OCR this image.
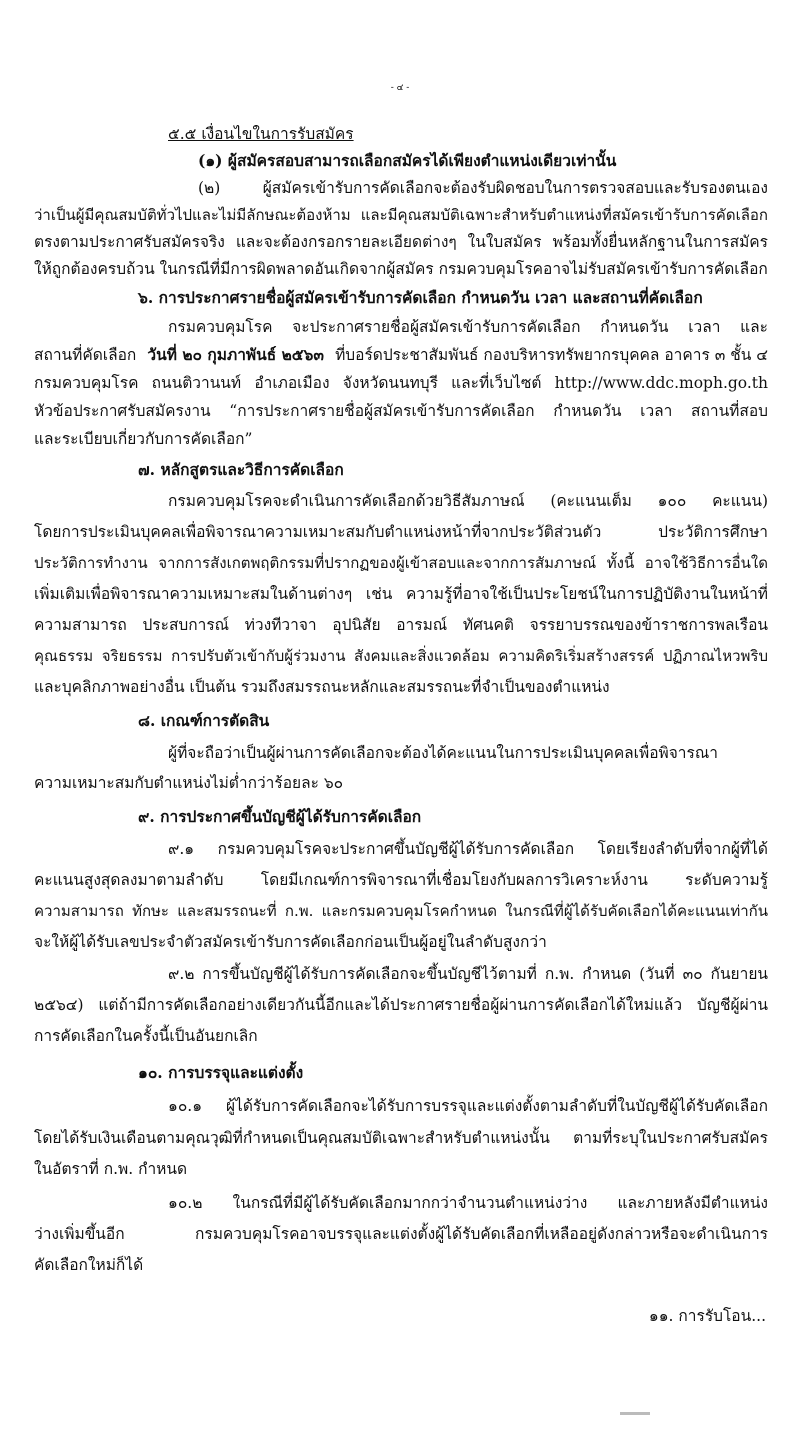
- ๔ -
๕.๕ เงื่อนไขในการรับสมัคร
(๑) ผู้สมัครสอบสามารถเลือกสมัครได้เพียงตำแหน่งเดียวเท่านั้น
(๒) ผู้สมัครเข้ารับการคัดเลือกจะต้องรับผิดชอบในการตรวจสอบและรับรองตนเอง
ว่าเป็นผู้มีคุณสมบัติทั่วไปและไม่มีลักษณะต้องห้าม และมีคุณสมบัติเฉพาะสำหรับตำแหน่งที่สมัครเข้ารับการคัดเลือก
ตรงตามประกาศรับสมัครจริง และจะต้องกรอกรายละเอียดต่างๆ ในใบสมัคร พร้อมทั้งยื่นหลักฐานในการสมัคร
ให้ถูกต้องครบถ้วน ในกรณีที่มีการผิดพลาดอันเกิดจากผู้สมัคร กรมควบคุมโรคอาจไม่รับสมัครเข้ารับการคัดเลือก
๖. การประกาศรายชื่อผู้สมัครเข้ารับการคัดเลือก กำหนดวัน เวลา และสถานที่คัดเลือก
กรมควบคุมโรค จะประกาศรายชื่อผู้สมัครเข้ารับการคัดเลือก กำหนดวัน เวลา และ
สถานที่คัดเลือก วันที่ ๒๐ กุมภาพันธ์ ๒๕๖๓ ที่บอร์ดประชาสัมพันธ์ กองบริหารทรัพยากรบุคคล อาคาร ๓ ชั้น ๔
กรมควบคุมโรค ถนนติวานนท์ อำเภอเมือง จังหวัดนนทบุรี และที่เว็บไซต์ http://www.ddc.moph.go.th
หัวข้อประกาศรับสมัครงาน “การประกาศรายชื่อผู้สมัครเข้ารับการคัดเลือก กำหนดวัน เวลา สถานที่สอบ
และระเบียบเกี่ยวกับการคัดเลือก”
๗. หลักสูตรและวิธีการคัดเลือก
กรมควบคุมโรคจะดำเนินการคัดเลือกด้วยวิธีสัมภาษณ์ (คะแนนเต็ม ๑๐๐ คะแนน)
โดยการประเมินบุคคลเพื่อพิจารณาความเหมาะสมกับตำแหน่งหน้าที่จากประวัติส่วนตัว ประวัติการศึกษา
ประวัติการทำงาน จากการสังเกตพฤติกรรมที่ปรากฏของผู้เข้าสอบและจากการสัมภาษณ์ ทั้งนี้ อาจใช้วิธีการอื่นใด
เพิ่มเติมเพื่อพิจารณาความเหมาะสมในด้านต่างๆ เช่น ความรู้ที่อาจใช้เป็นประโยชน์ในการปฏิบัติงานในหน้าที่
ความสามารถ ประสบการณ์ ท่วงทีวาจา อุปนิสัย อารมณ์ ทัศนคติ จรรยาบรรณของข้าราชการพลเรือน
คุณธรรม จริยธรรม การปรับตัวเข้ากับผู้ร่วมงาน สังคมและสิ่งแวดล้อม ความคิดริเริ่มสร้างสรรค์ ปฏิภาณไหวพริบ
และบุคลิกภาพอย่างอื่น เป็นต้น รวมถึงสมรรถนะหลักและสมรรถนะที่จำเป็นของตำแหน่ง
๘. เกณฑ์การตัดสิน
ผู้ที่จะถือว่าเป็นผู้ผ่านการคัดเลือกจะต้องได้คะแนนในการประเมินบุคคลเพื่อพิจารณา
ความเหมาะสมกับตำแหน่งไม่ต่ำกว่าร้อยละ ๖๐
๙. การประกาศขึ้นบัญชีผู้ได้รับการคัดเลือก
๙.๑ กรมควบคุมโรคจะประกาศขึ้นบัญชีผู้ได้รับการคัดเลือก โดยเรียงลำดับที่จากผู้ที่ได้
คะแนนสูงสุดลงมาตามลำดับ โดยมีเกณฑ์การพิจารณาที่เชื่อมโยงกับผลการวิเคราะห์งาน ระดับความรู้
ความสามารถ ทักษะ และสมรรถนะที่ ก.พ. และกรมควบคุมโรคกำหนด ในกรณีที่ผู้ได้รับคัดเลือกได้คะแนนเท่ากัน
จะให้ผู้ได้รับเลขประจำตัวสมัครเข้ารับการคัดเลือกก่อนเป็นผู้อยู่ในลำดับสูงกว่า
๙.๒ การขึ้นบัญชีผู้ได้รับการคัดเลือกจะขึ้นบัญชีไว้ตามที่ ก.พ. กำหนด (วันที่ ๓๐ กันยายน
๒๕๖๔) แต่ถ้ามีการคัดเลือกอย่างเดียวกันนี้อีกและได้ประกาศรายชื่อผู้ผ่านการคัดเลือกได้ใหม่แล้ว บัญชีผู้ผ่าน
การคัดเลือกในครั้งนี้เป็นอันยกเลิก
๑๐. การบรรจุและแต่งตั้ง
๑๐.๑ ผู้ได้รับการคัดเลือกจะได้รับการบรรจุและแต่งตั้งตามลำดับที่ในบัญชีผู้ได้รับคัดเลือก
โดยได้รับเงินเดือนตามคุณวุฒิที่กำหนดเป็นคุณสมบัติเฉพาะสำหรับตำแหน่งนั้น ตามที่ระบุในประกาศรับสมัคร
ในอัตราที่ ก.พ. กำหนด
๑๐.๒ ในกรณีที่มีผู้ได้รับคัดเลือกมากกว่าจำนวนตำแหน่งว่าง และภายหลังมีตำแหน่ง
ว่างเพิ่มขึ้นอีก กรมควบคุมโรคอาจบรรจุและแต่งตั้งผู้ได้รับคัดเลือกที่เหลืออยู่ดังกล่าวหรือจะดำเนินการ
คัดเลือกใหม่ก็ได้
๑๑. การรับโอน...
